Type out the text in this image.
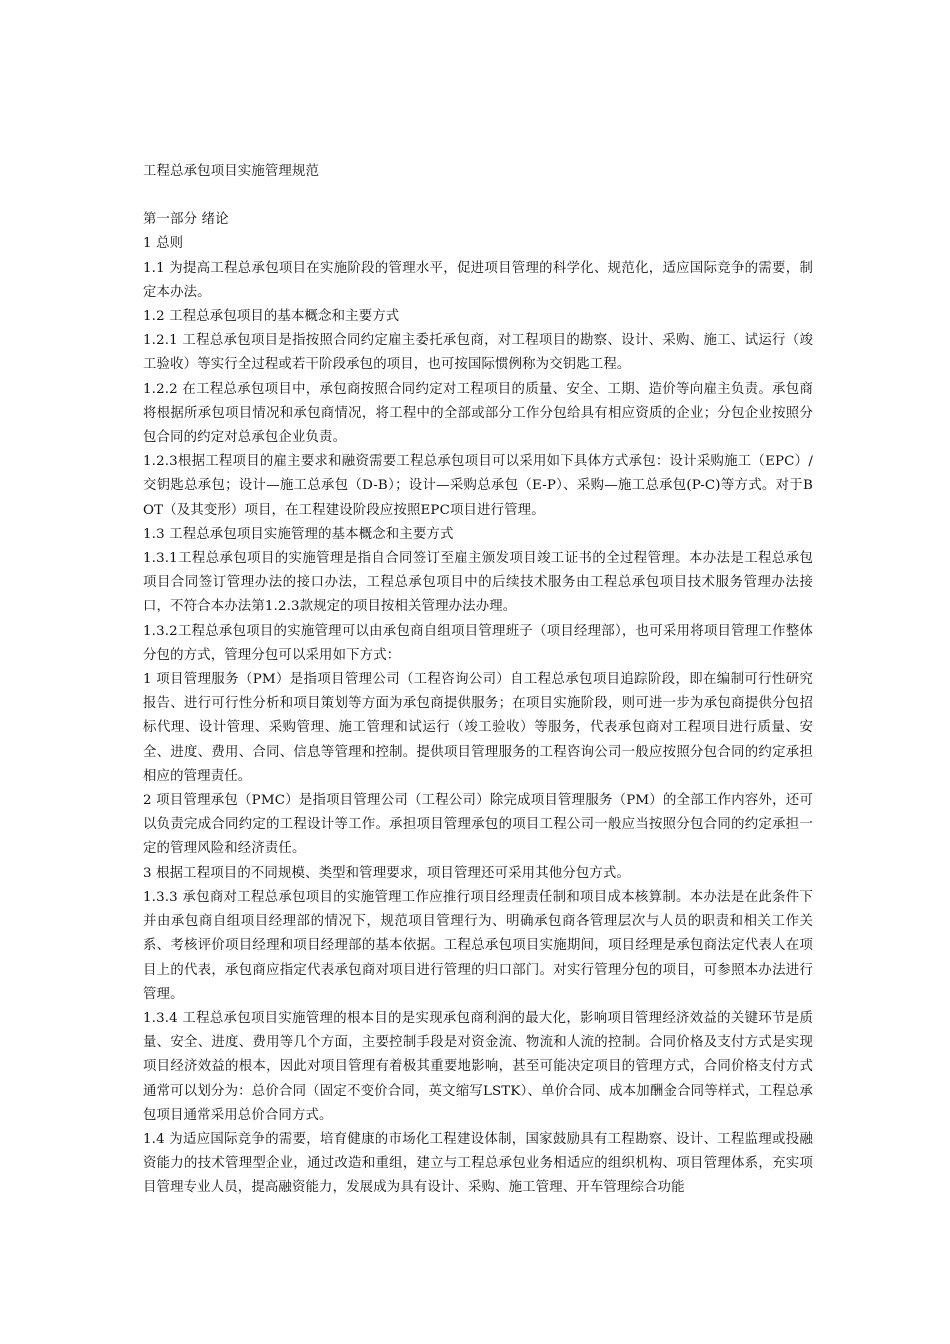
工程总承包项目实施管理规范

第一部分 绪论

1 总则

1.1 为提高工程总承包项目在实施阶段的管理水平，促进项目管理的科学化、规范化，适应国际竞争的需要，制定本办法。

1.2 工程总承包项目的基本概念和主要方式

1.2.1 工程总承包项目是指按照合同约定雇主委托承包商，对工程项目的勘察、设计、采购、施工、试运行（竣工验收）等实行全过程或若干阶段承包的项目，也可按国际惯例称为交钥匙工程。

1.2.2 在工程总承包项目中，承包商按照合同约定对工程项目的质量、安全、工期、造价等向雇主负责。承包商将根据所承包项目情况和承包商情况，将工程中的全部或部分工作分包给具有相应资质的企业；分包企业按照分包合同的约定对总承包企业负责。

1.2.3根据工程项目的雇主要求和融资需要工程总承包项目可以采用如下具体方式承包：设计采购施工（EPC）/交钥匙总承包；设计—施工总承包（D-B）；设计—采购总承包（E-P）、采购—施工总承包(P-C)等方式。对于BOT（及其变形）项目，在工程建设阶段应按照EPC项目进行管理。

1.3 工程总承包项目实施管理的基本概念和主要方式

1.3.1工程总承包项目的实施管理是指自合同签订至雇主颁发项目竣工证书的全过程管理。本办法是工程总承包项目合同签订管理办法的接口办法，工程总承包项目中的后续技术服务由工程总承包项目技术服务管理办法接口，不符合本办法第1.2.3款规定的项目按相关管理办法办理。

1.3.2工程总承包项目的实施管理可以由承包商自组项目管理班子（项目经理部），也可采用将项目管理工作整体分包的方式，管理分包可以采用如下方式：

1 项目管理服务（PM）是指项目管理公司（工程咨询公司）自工程总承包项目追踪阶段，即在编制可行性研究报告、进行可行性分析和项目策划等方面为承包商提供服务；在项目实施阶段，则可进一步为承包商提供分包招标代理、设计管理、采购管理、施工管理和试运行（竣工验收）等服务，代表承包商对工程项目进行质量、安全、进度、费用、合同、信息等管理和控制。提供项目管理服务的工程咨询公司一般应按照分包合同的约定承担相应的管理责任。

2 项目管理承包（PMC）是指项目管理公司（工程公司）除完成项目管理服务（PM）的全部工作内容外，还可以负责完成合同约定的工程设计等工作。承担项目管理承包的项目工程公司一般应当按照分包合同的约定承担一定的管理风险和经济责任。

3 根据工程项目的不同规模、类型和管理要求，项目管理还可采用其他分包方式。

1.3.3 承包商对工程总承包项目的实施管理工作应推行项目经理责任制和项目成本核算制。本办法是在此条件下并由承包商自组项目经理部的情况下，规范项目管理行为、明确承包商各管理层次与人员的职责和相关工作关系、考核评价项目经理和项目经理部的基本依据。工程总承包项目实施期间，项目经理是承包商法定代表人在项目上的代表，承包商应指定代表承包商对项目进行管理的归口部门。对实行管理分包的项目，可参照本办法进行管理。

1.3.4 工程总承包项目实施管理的根本目的是实现承包商利润的最大化，影响项目管理经济效益的关键环节是质量、安全、进度、费用等几个方面，主要控制手段是对资金流、物流和人流的控制。合同价格及支付方式是实现项目经济效益的根本，因此对项目管理有着极其重要地影响，甚至可能决定项目的管理方式，合同价格支付方式通常可以划分为：总价合同（固定不变价合同，英文缩写LSTK）、单价合同、成本加酬金合同等样式，工程总承包项目通常采用总价合同方式。

1.4 为适应国际竞争的需要，培育健康的市场化工程建设体制，国家鼓励具有工程勘察、设计、工程监理或投融资能力的技术管理型企业，通过改造和重组，建立与工程总承包业务相适应的组织机构、项目管理体系，充实项目管理专业人员，提高融资能力，发展成为具有设计、采购、施工管理、开车管理综合功能
